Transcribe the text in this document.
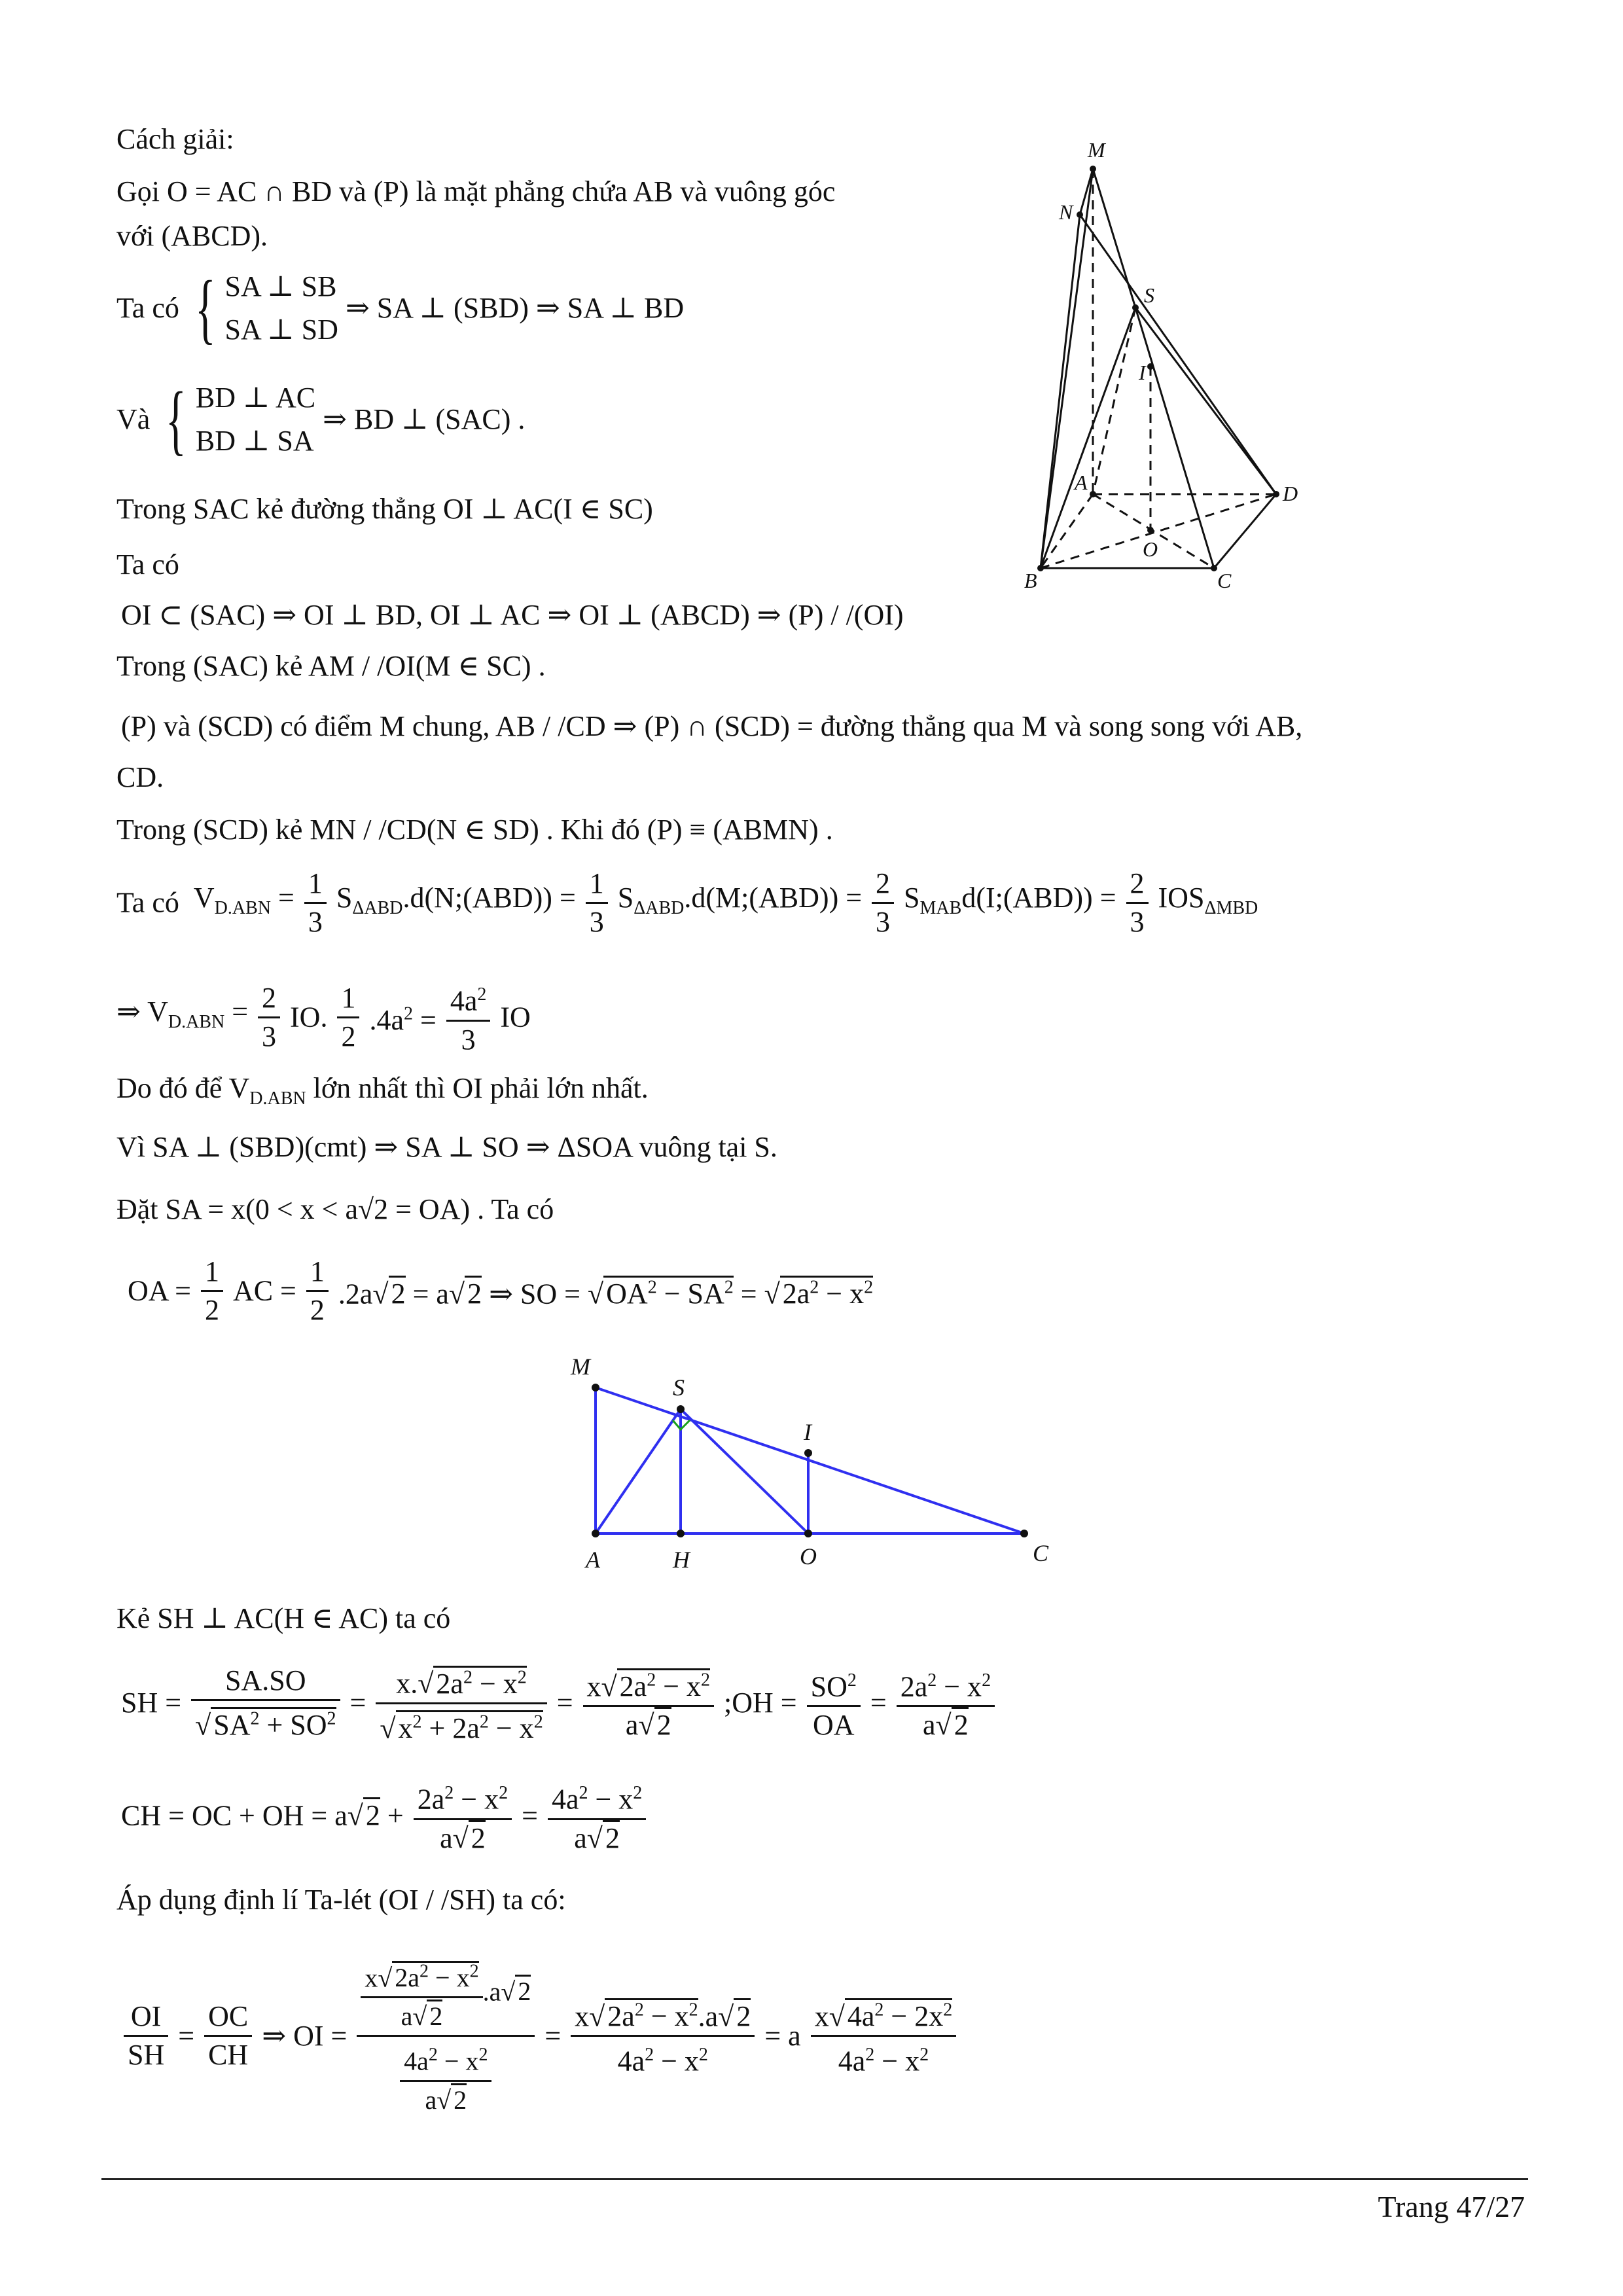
Cách giải:
Gọi O = AC ∩ BD và (P) là mặt phẳng chứa AB và vuông góc
với (ABCD).
Ta có { SA ⊥ SB
SA ⊥ SD
⇒ SA ⊥ (SBD) ⇒ SA ⊥ BD
Và { BD ⊥ AC
BD ⊥ SA
⇒ BD ⊥ (SAC) .
Trong SAC kẻ đường thẳng OI ⊥ AC(I ∈ SC)
Ta có
OI ⊂ (SAC) ⇒ OI ⊥ BD, OI ⊥ AC ⇒ OI ⊥ (ABCD) ⇒ (P) / /(OI)
Trong (SAC) kẻ AM / /OI(M ∈ SC) .
(P) và (SCD) có điểm M chung, AB / /CD ⇒ (P) ∩ (SCD) = đường thẳng qua M và song song với AB,
CD.
Trong (SCD) kẻ MN / /CD(N ∈ SD) . Khi đó (P) ≡ (ABMN) .
Ta có  $V_{D.ABN} = \frac{1}{3}$ $S_{\Delta ABD}.d(N;(ABD)) = \frac{1}{3}$ $S_{\Delta ABD}.d(M;(ABD)) = \frac{2}{3}$ $S_{MAB}d(I;(ABD)) = \frac{2}{3} IOS_{\Delta MBD}$
⇒ $V_{D.ABN} = \frac{2}{3}$ IO. $\frac{1}{2} .4a^2 = \frac{4a^2}{3}$ IO
Do đó để $V_{D.ABN}$ lớn nhất thì OI phải lớn nhất.
Vì SA ⊥ (SBD)(cmt) ⇒ SA ⊥ SO ⇒ ΔSOA vuông tại S.
Đặt SA = x(0 < x < a√2 = OA) . Ta có
OA = $\frac{1}{2}$ AC = $\frac{1}{2} .2a√2 = a√2$ ⇒ SO = $√OA^2 - SA^2 = √2a^2 - x^2$
Kẻ SH ⊥ AC(H ∈ AC) ta có
SH = $\frac{SA.SO}{√SA^2 + SO^2} = \frac{x.√2a^2 - x^2}{√x^2 + 2a^2 - x^2} = \frac{x√2a^2 - x^2}{a√2}$ ;OH = $\frac{SO^2}{OA} = \frac{2a^2 - x^2}{a√2}$
CH = OC + OH = $a√2 + \frac{2a^2 - x^2}{a√2} = \frac{4a^2 - x^2}{a√2}$
Áp dụng định lí Ta-lét (OI / /SH) ta có:
$\frac{OI}{SH} = \frac{OC}{CH}$ ⇒ OI = $\frac{\frac{x√ 2a^2 - x^2}{a√ 2} .a√ 2}{\frac{4a^2 - x^2}{a√ 2}} = \frac{x√2a^2 - x^2.a√2}{4a^2 - x^2} = a \frac{x√4a^2 - 2x^2}{4a^2 - x^2}$
M
N
S
I
A
B	C
D
O
M
S
I
A	H	O	C
Trang 47/27
